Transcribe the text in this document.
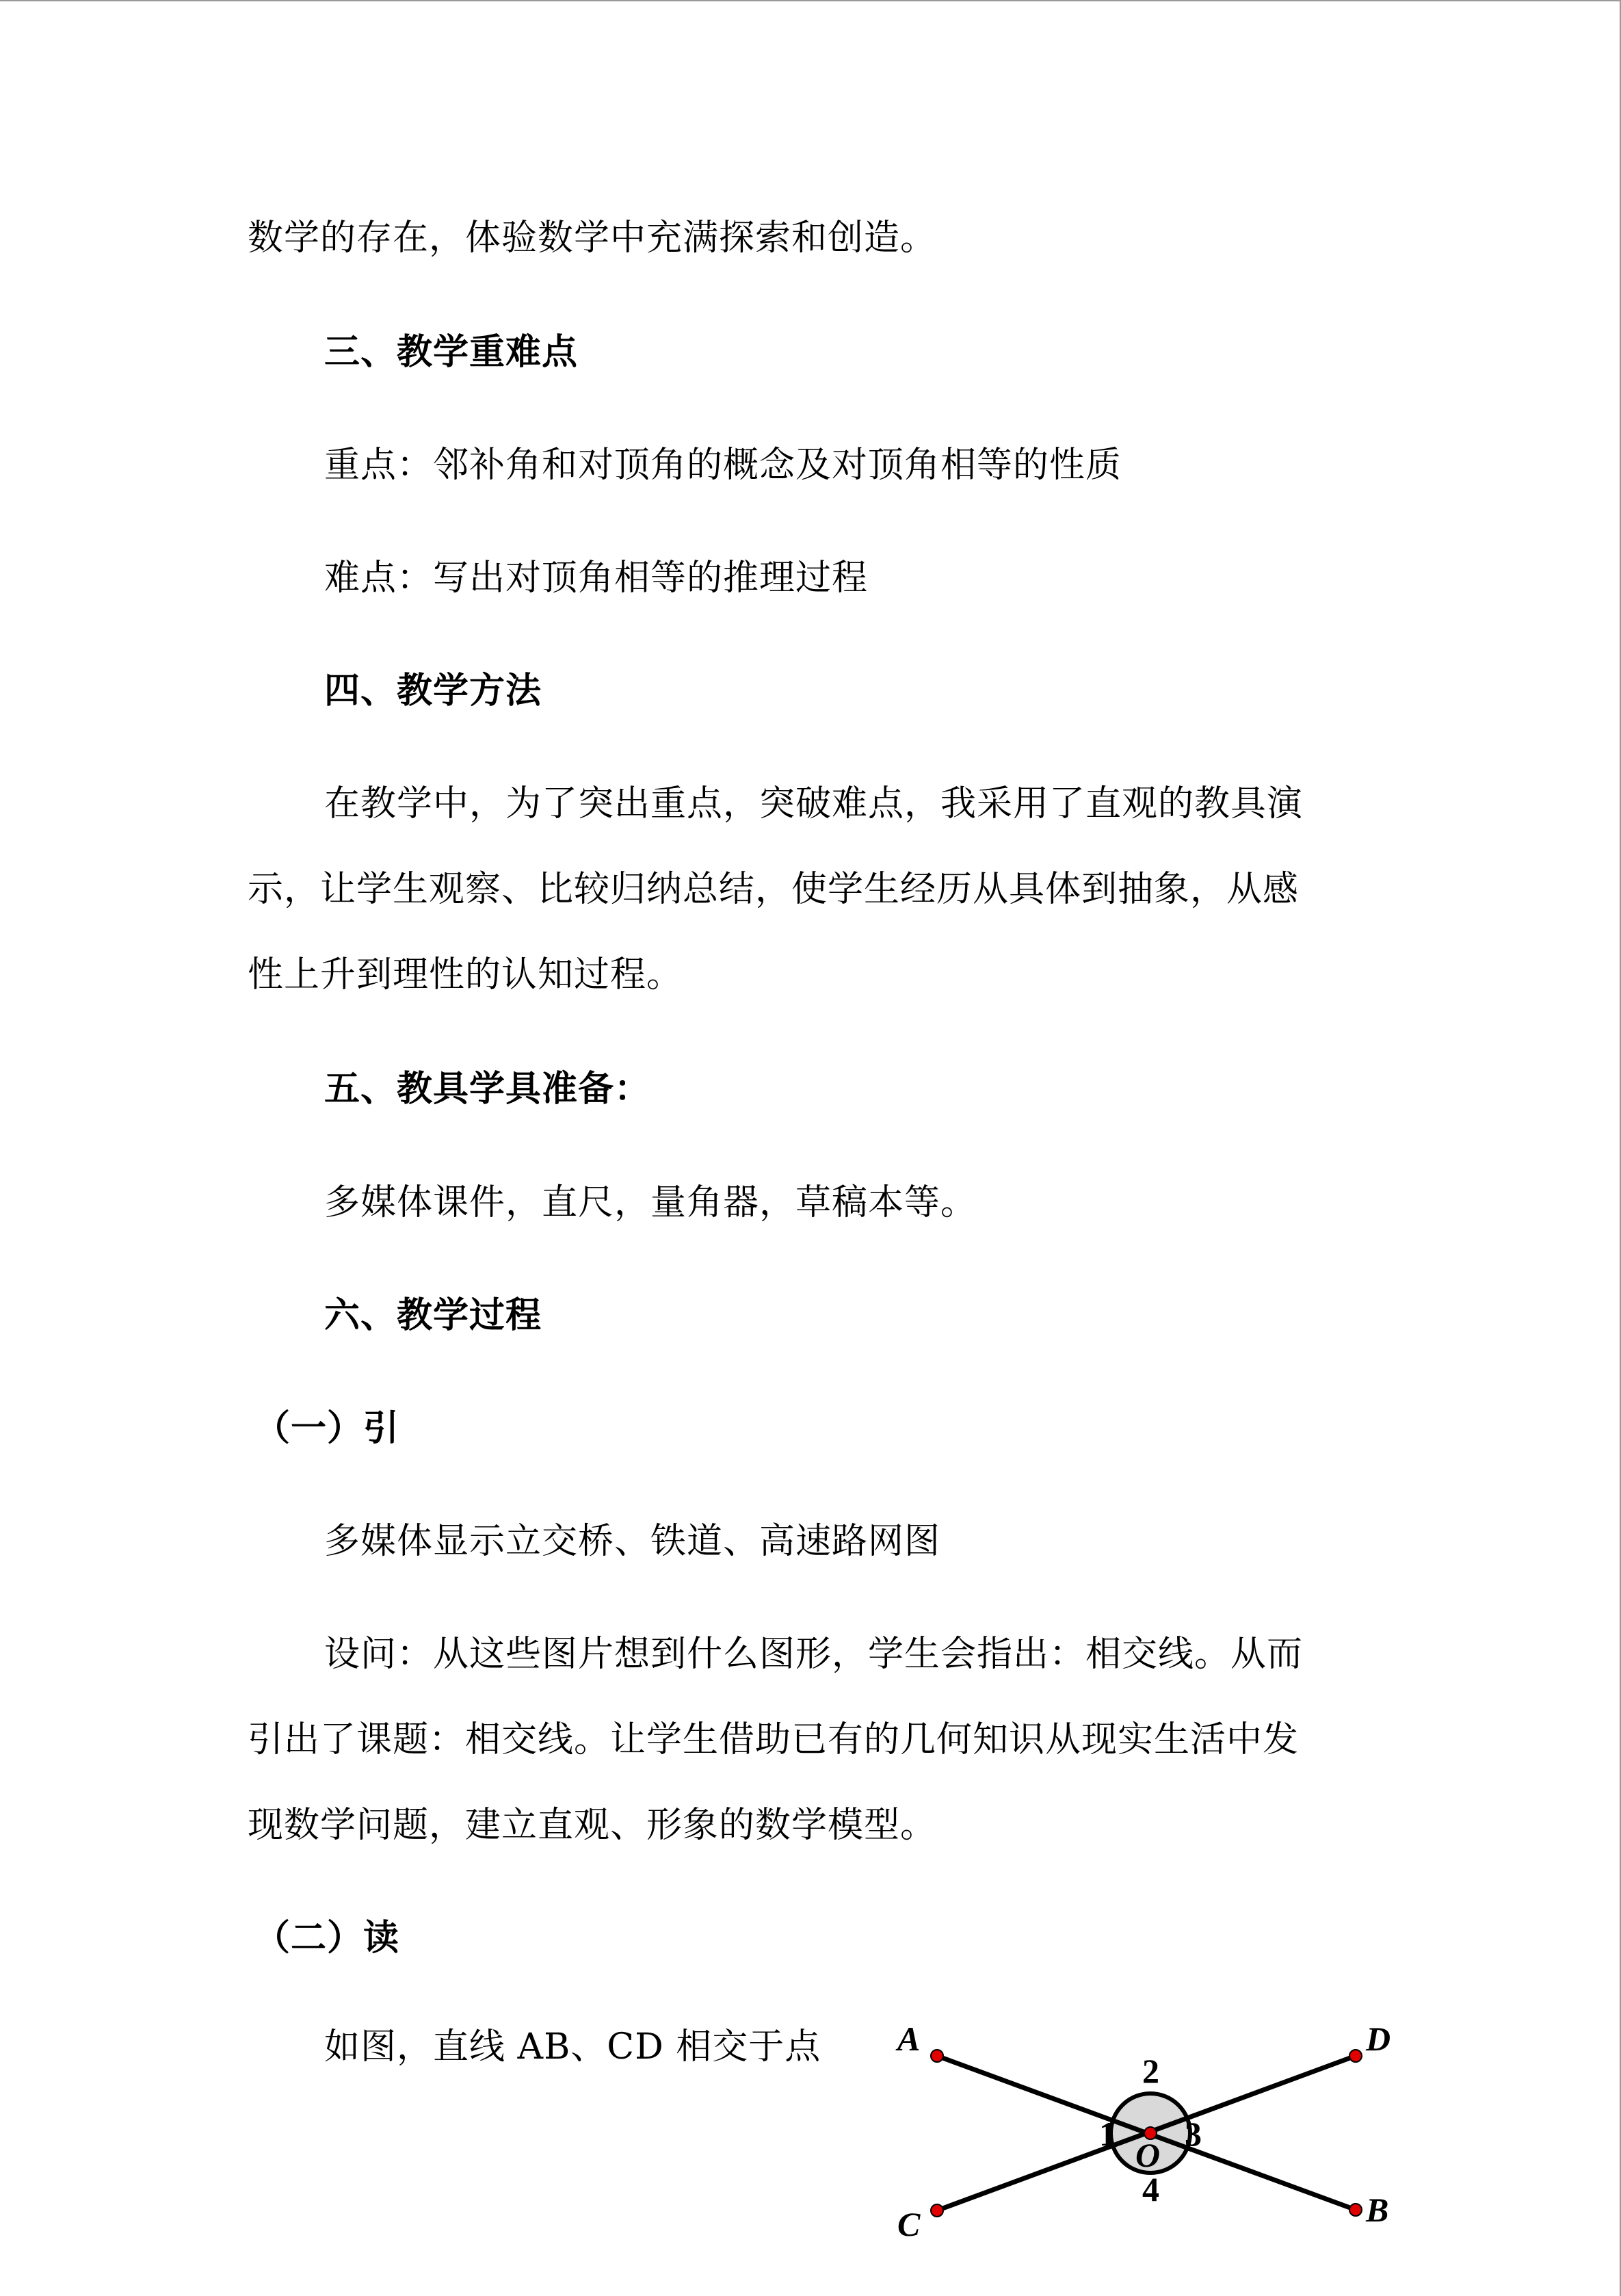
数学的存在，体验数学中充满探索和创造。
三、教学重难点
重点：邻补角和对顶角的概念及对顶角相等的性质
难点：写出对顶角相等的推理过程
四、教学方法
在教学中，为了突出重点，突破难点，我采用了直观的教具演
示，让学生观察、比较归纳总结，使学生经历从具体到抽象，从感
性上升到理性的认知过程。
五、教具学具准备：
多媒体课件，直尺，量角器，草稿本等。
六、教学过程
（一）引
多媒体显示立交桥、铁道、高速路网图
设问：从这些图片想到什么图形，学生会指出：相交线。从而
引出了课题：相交线。让学生借助已有的几何知识从现实生活中发
现数学问题，建立直观、形象的数学模型。
（二）读
如图，直线 AB、CD 相交于点 A
B
C
D
O
1
2
3
4
